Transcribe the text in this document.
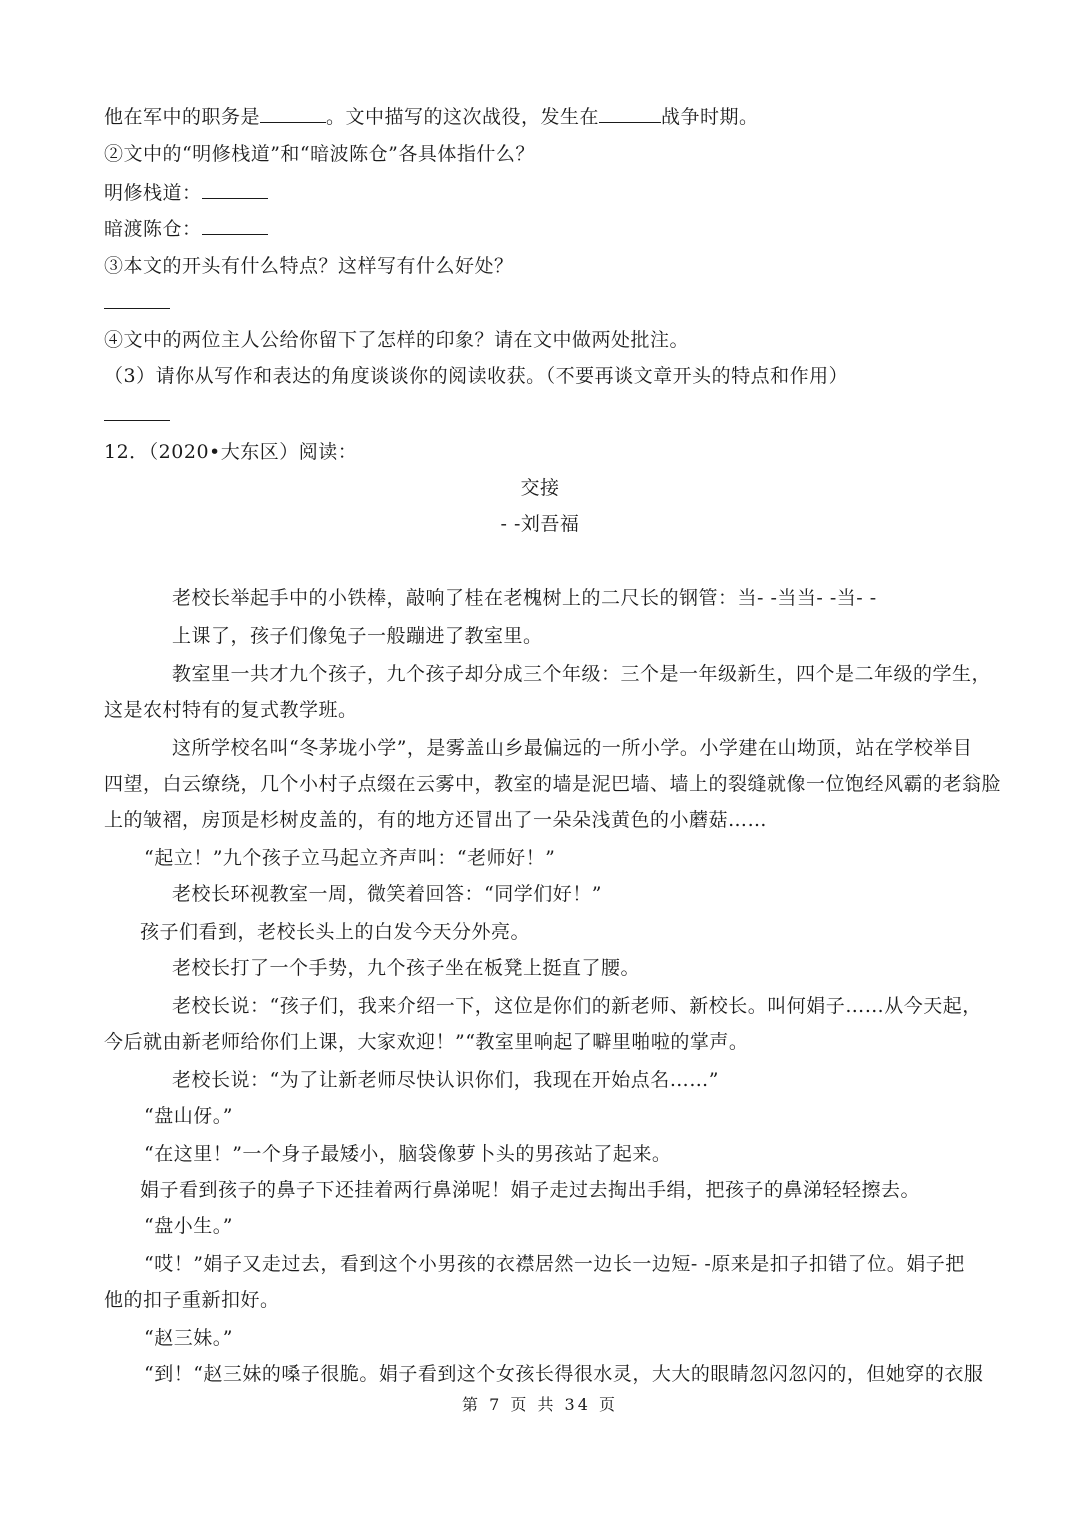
他在军中的职务是	。文中描写的这次战役，发生在	战争时期。
②文中的“明修栈道”和“暗波陈仓”各具体指什么？
明修栈道：
暗渡陈仓：
③本文的开头有什么特点？这样写有什么好处？
④文中的两位主人公给你留下了怎样的印象？请在文中做两处批注。
（3）请你从写作和表达的角度谈谈你的阅读收获。（不要再谈文章开头的特点和作用）
12．（2020•大东区）阅读：
交接
- -刘吾福
老校长举起手中的小铁棒，敲响了桂在老槐树上的二尺长的钢管：当- -当当- -当- -
上课了，孩子们像兔子一般蹦进了教室里。
教室里一共才九个孩子，九个孩子却分成三个年级：三个是一年级新生，四个是二年级的学生，
这是农村特有的复式教学班。
这所学校名叫“冬茅垅小学”，是雾盖山乡最偏远的一所小学。小学建在山坳顶，站在学校举目
四望，白云缭绕，几个小村子点缀在云雾中，教室的墙是泥巴墙、墙上的裂缝就像一位饱经风霸的老翁脸
上的皱褶，房顶是杉树皮盖的，有的地方还冒出了一朵朵浅黄色的小蘑菇……
“起立！”九个孩子立马起立齐声叫：“老师好！”
老校长环视教室一周，微笑着回答：“同学们好！”
孩子们看到，老校长头上的白发今天分外亮。
老校长打了一个手势，九个孩子坐在板凳上挺直了腰。
老校长说：“孩子们，我来介绍一下，这位是你们的新老师、新校长。叫何娟子……从今天起，
今后就由新老师给你们上课，大家欢迎！”“教室里响起了噼里啪啦的掌声。
老校长说：“为了让新老师尽快认识你们，我现在开始点名……”
“盘山伢。”
“在这里！”一个身子最矮小，脑袋像萝卜头的男孩站了起来。
娟子看到孩子的鼻子下还挂着两行鼻涕呢！娟子走过去掏出手绢，把孩子的鼻涕轻轻擦去。
“盘小生。”
“哎！”娟子又走过去，看到这个小男孩的衣襟居然一边长一边短- -原来是扣子扣错了位。娟子把
他的扣子重新扣好。
“赵三妹。”
“到！“赵三妹的嗓子很脆。娟子看到这个女孩长得很水灵，大大的眼睛忽闪忽闪的，但她穿的衣服
第 7 页 共 34 页
